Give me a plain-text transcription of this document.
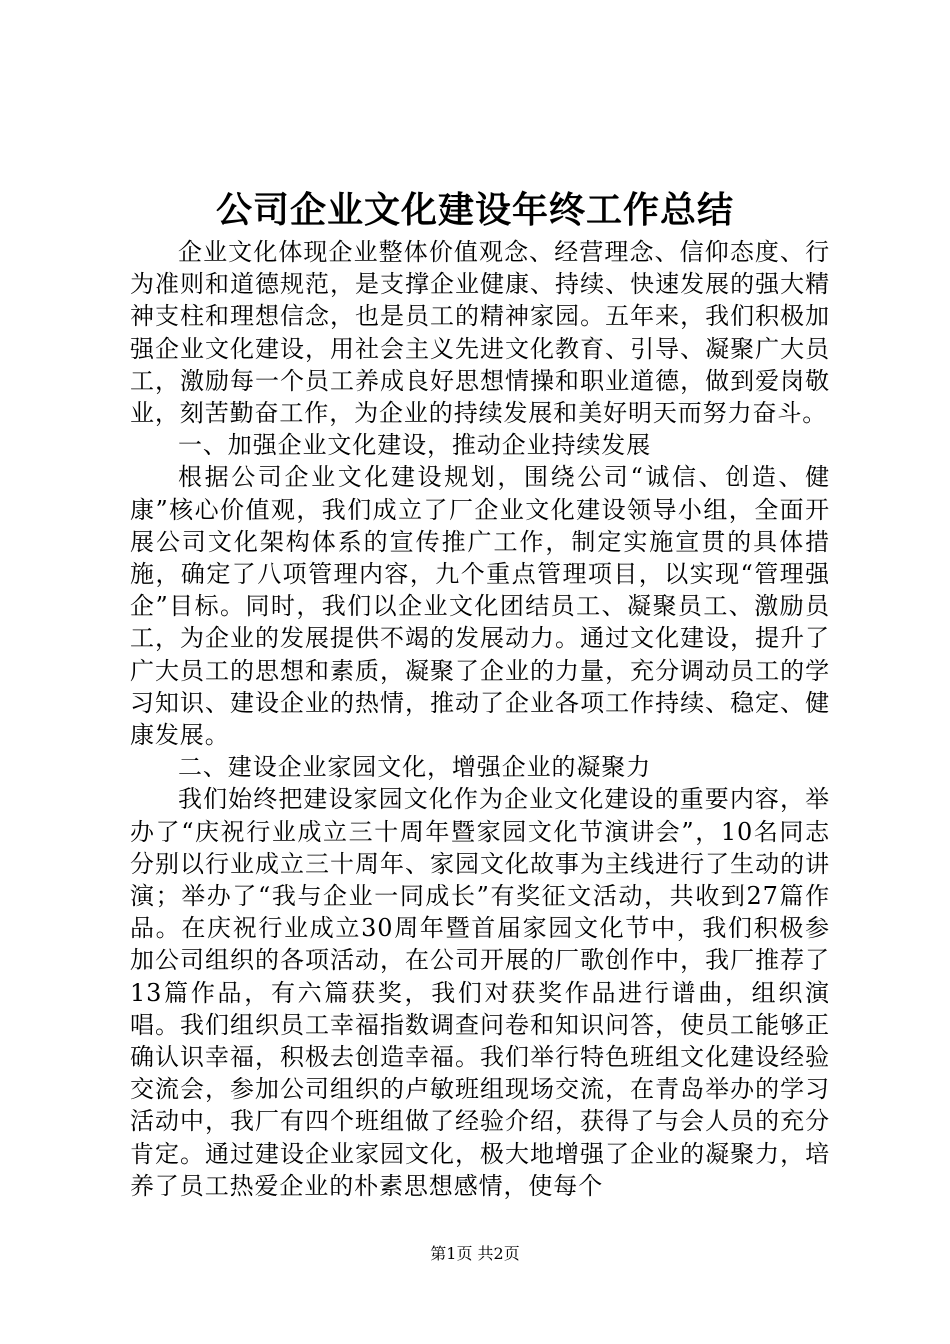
公司企业文化建设年终工作总结

企业文化体现企业整体价值观念、经营理念、信仰态度、行为准则和道德规范，是支撑企业健康、持续、快速发展的强大精神支柱和理想信念，也是员工的精神家园。五年来，我们积极加强企业文化建设，用社会主义先进文化教育、引导、凝聚广大员工，激励每一个员工养成良好思想情操和职业道德，做到爱岗敬业，刻苦勤奋工作，为企业的持续发展和美好明天而努力奋斗。

一、加强企业文化建设，推动企业持续发展

根据公司企业文化建设规划，围绕公司“诚信、创造、健康”核心价值观，我们成立了厂企业文化建设领导小组，全面开展公司文化架构体系的宣传推广工作，制定实施宣贯的具体措施，确定了八项管理内容，九个重点管理项目，以实现“管理强企”目标。同时，我们以企业文化团结员工、凝聚员工、激励员工，为企业的发展提供不竭的发展动力。通过文化建设，提升了广大员工的思想和素质，凝聚了企业的力量，充分调动员工的学习知识、建设企业的热情，推动了企业各项工作持续、稳定、健康发展。

二、建设企业家园文化，增强企业的凝聚力

我们始终把建设家园文化作为企业文化建设的重要内容，举办了“庆祝行业成立三十周年暨家园文化节演讲会”，10名同志分别以行业成立三十周年、家园文化故事为主线进行了生动的讲演；举办了“我与企业一同成长”有奖征文活动，共收到27篇作品。在庆祝行业成立30周年暨首届家园文化节中，我们积极参加公司组织的各项活动，在公司开展的厂歌创作中，我厂推荐了13篇作品，有六篇获奖，我们对获奖作品进行谱曲，组织演唱。我们组织员工幸福指数调查问卷和知识问答，使员工能够正确认识幸福，积极去创造幸福。我们举行特色班组文化建设经验交流会，参加公司组织的卢敏班组现场交流，在青岛举办的学习活动中，我厂有四个班组做了经验介绍，获得了与会人员的充分肯定。通过建设企业家园文化，极大地增强了企业的凝聚力，培养了员工热爱企业的朴素思想感情，使每个

第1页 共2页
